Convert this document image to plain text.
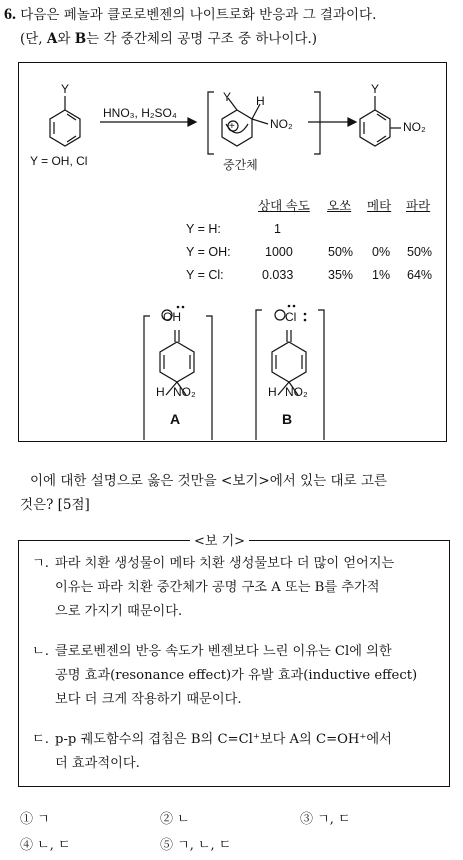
6. 다음은 페놀과 클로로벤젠의 나이트로화 반응과 그 결과이다.
(단, A와 B는 각 중간체의 공명 구조 중 하나이다.)
Y
HNO₃, H₂SO₄
Y = OH, Cl
Y H
NO₂
+
중간체
Y
NO₂
상대 속도 오쏘 메타 파라
Y = H:	1
Y = OH:	1000	50% 0% 50%
Y = Cl:	0.033	35% 1% 64%
OH	Cl
H NO₂	H NO₂
A	B
이에 대한 설명으로 옳은 것만을 <보기>에서 있는 대로 고른
것은? [5점]
<보 기>
ㄱ. 파라 치환 생성물이 메타 치환 생성물보다 더 많이 얻어지는
이유는 파라 치환 중간체가 공명 구조 A 또는 B를 추가적
으로 가지기 때문이다.
ㄴ. 클로로벤젠의 반응 속도가 벤젠보다 느린 이유는 Cl에 의한
공명 효과(resonance effect)가 유발 효과(inductive effect)
보다 더 크게 작용하기 때문이다.
ㄷ. p-p 궤도함수의 겹침은 B의 C=Cl⁺보다 A의 C=OH⁺에서
더 효과적이다.
① ㄱ	② ㄴ	③ ㄱ, ㄷ
④ ㄴ, ㄷ	⑤ ㄱ, ㄴ, ㄷ
